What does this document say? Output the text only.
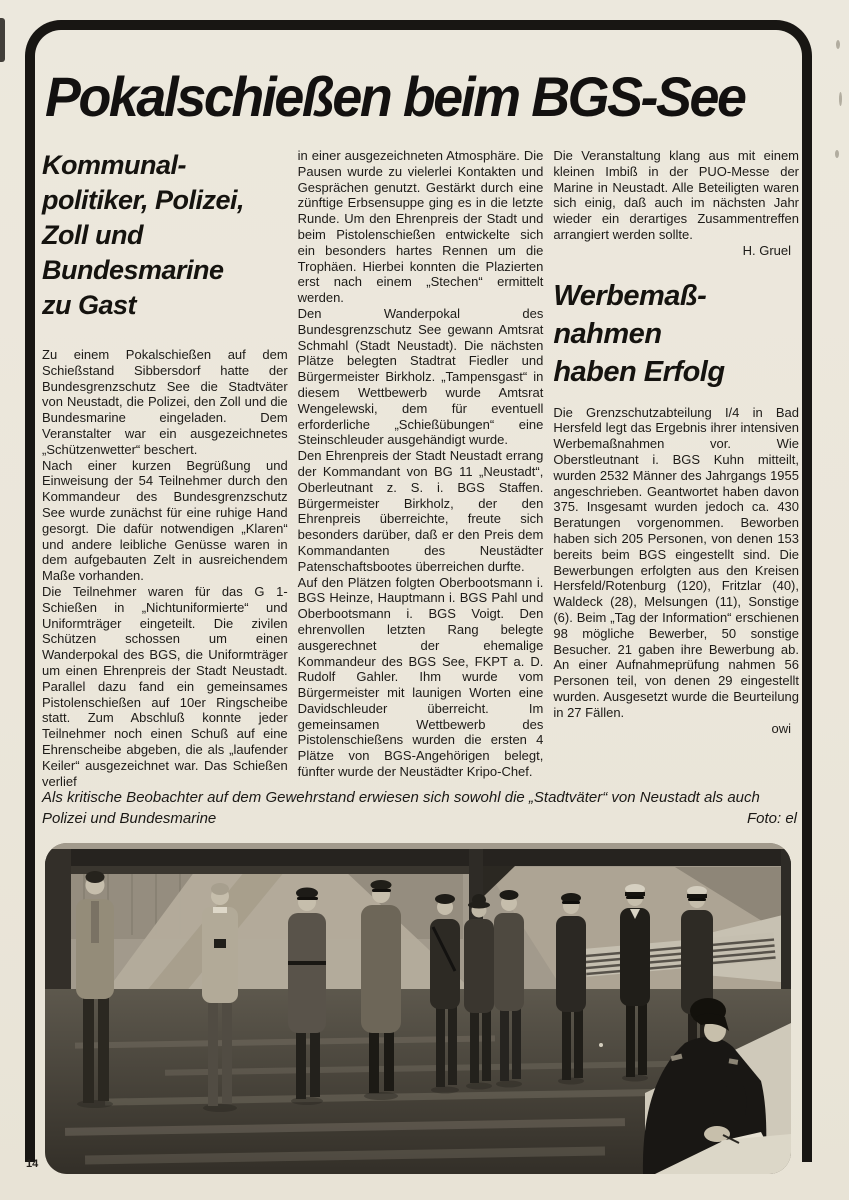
Pokalschießen beim BGS-See
Kommunal-
politiker, Polizei,
Zoll und
Bundesmarine
zu Gast

Zu einem Pokalschießen auf dem Schießstand Sibbersdorf hatte der Bundesgrenzschutz See die Stadtväter von Neustadt, die Polizei, den Zoll und die Bundesmarine eingeladen. Dem Veranstalter war ein ausgezeichnetes „Schützenwetter“ beschert.

Nach einer kurzen Begrüßung und Einweisung der 54 Teilnehmer durch den Kommandeur des Bundesgrenzschutz See wurde zunächst für eine ruhige Hand gesorgt. Die dafür notwendigen „Klaren“ und andere leibliche Genüsse waren in dem aufgebauten Zelt in ausreichendem Maße vorhanden.

Die Teilnehmer waren für das G 1-Schießen in „Nichtuniformierte“ und Uniformträger eingeteilt. Die zivilen Schützen schossen um einen Wanderpokal des BGS, die Uniformträger um einen Ehrenpreis der Stadt Neustadt. Parallel dazu fand ein gemeinsames Pistolenschießen auf 10er Ringscheibe statt. Zum Abschluß konnte jeder Teilnehmer noch einen Schuß auf eine Ehrenscheibe abgeben, die als „laufender Keiler“ ausgezeichnet war. Das Schießen verlief

in einer ausgezeichneten Atmosphäre. Die Pausen wurde zu vielerlei Kontakten und Gesprächen genutzt. Gestärkt durch eine zünftige Erbsensuppe ging es in die letzte Runde. Um den Ehrenpreis der Stadt und beim Pistolenschießen entwickelte sich ein besonders hartes Rennen um die Trophäen. Hierbei konnten die Plazierten erst nach einem „Stechen“ ermittelt werden.

Den Wanderpokal des Bundesgrenzschutz See gewann Amtsrat Schmahl (Stadt Neustadt). Die nächsten Plätze belegten Stadtrat Fiedler und Bürgermeister Birkholz. „Tampensgast“ in diesem Wettbewerb wurde Amtsrat Wengelewski, dem für eventuell erforderliche „Schießübungen“ eine Steinschleuder ausgehändigt wurde.

Den Ehrenpreis der Stadt Neustadt errang der Kommandant von BG 11 „Neustadt“, Oberleutnant z. S. i. BGS Staffen. Bürgermeister Birkholz, der den Ehrenpreis überreichte, freute sich besonders darüber, daß er den Preis dem Kommandanten des Neustädter Patenschaftsbootes überreichen durfte.

Auf den Plätzen folgten Oberbootsmann i. BGS Heinze, Hauptmann i. BGS Pahl und Oberbootsmann i. BGS Voigt. Den ehrenvollen letzten Rang belegte ausgerechnet der ehemalige Kommandeur des BGS See, FKPT a. D. Rudolf Gahler. Ihm wurde vom Bürgermeister mit launigen Worten eine Davidschleuder überreicht. Im gemeinsamen Wettbewerb des Pistolenschießens wurden die ersten 4 Plätze von BGS-Angehörigen belegt, fünfter wurde der Neustädter Kripo-Chef.

Die Veranstaltung klang aus mit einem kleinen Imbiß in der PUO-Messe der Marine in Neustadt. Alle Beteiligten waren sich einig, daß auch im nächsten Jahr wieder ein derartiges Zusammentreffen arrangiert werden sollte.

H. Gruel

Werbemaß-
nahmen
haben Erfolg

Die Grenzschutzabteilung I/4 in Bad Hersfeld legt das Ergebnis ihrer intensiven Werbemaßnahmen vor. Wie Oberstleutnant i. BGS Kuhn mitteilt, wurden 2532 Männer des Jahrgangs 1955 angeschrieben. Geantwortet haben davon 375. Insgesamt wurden jedoch ca. 430 Beratungen vorgenommen. Beworben haben sich 205 Personen, von denen 153 bereits beim BGS eingestellt sind. Die Bewerbungen erfolgten aus den Kreisen Hersfeld/Rotenburg (120), Fritzlar (40), Waldeck (28), Melsungen (11), Sonstige (6). Beim „Tag der Information“ erschienen 98 mögliche Bewerber, 50 sonstige Besucher. 21 gaben ihre Bewerbung ab. An einer Aufnahmeprüfung nahmen 56 Personen teil, von denen 29 eingestellt wurden. Ausgesetzt wurde die Beurteilung in 27 Fällen.

owi

Als kritische Beobachter auf dem Gewehrstand erwiesen sich sowohl die „Stadtväter“ von Neustadt als auch Polizei und Bundesmarine	Foto: el
14
